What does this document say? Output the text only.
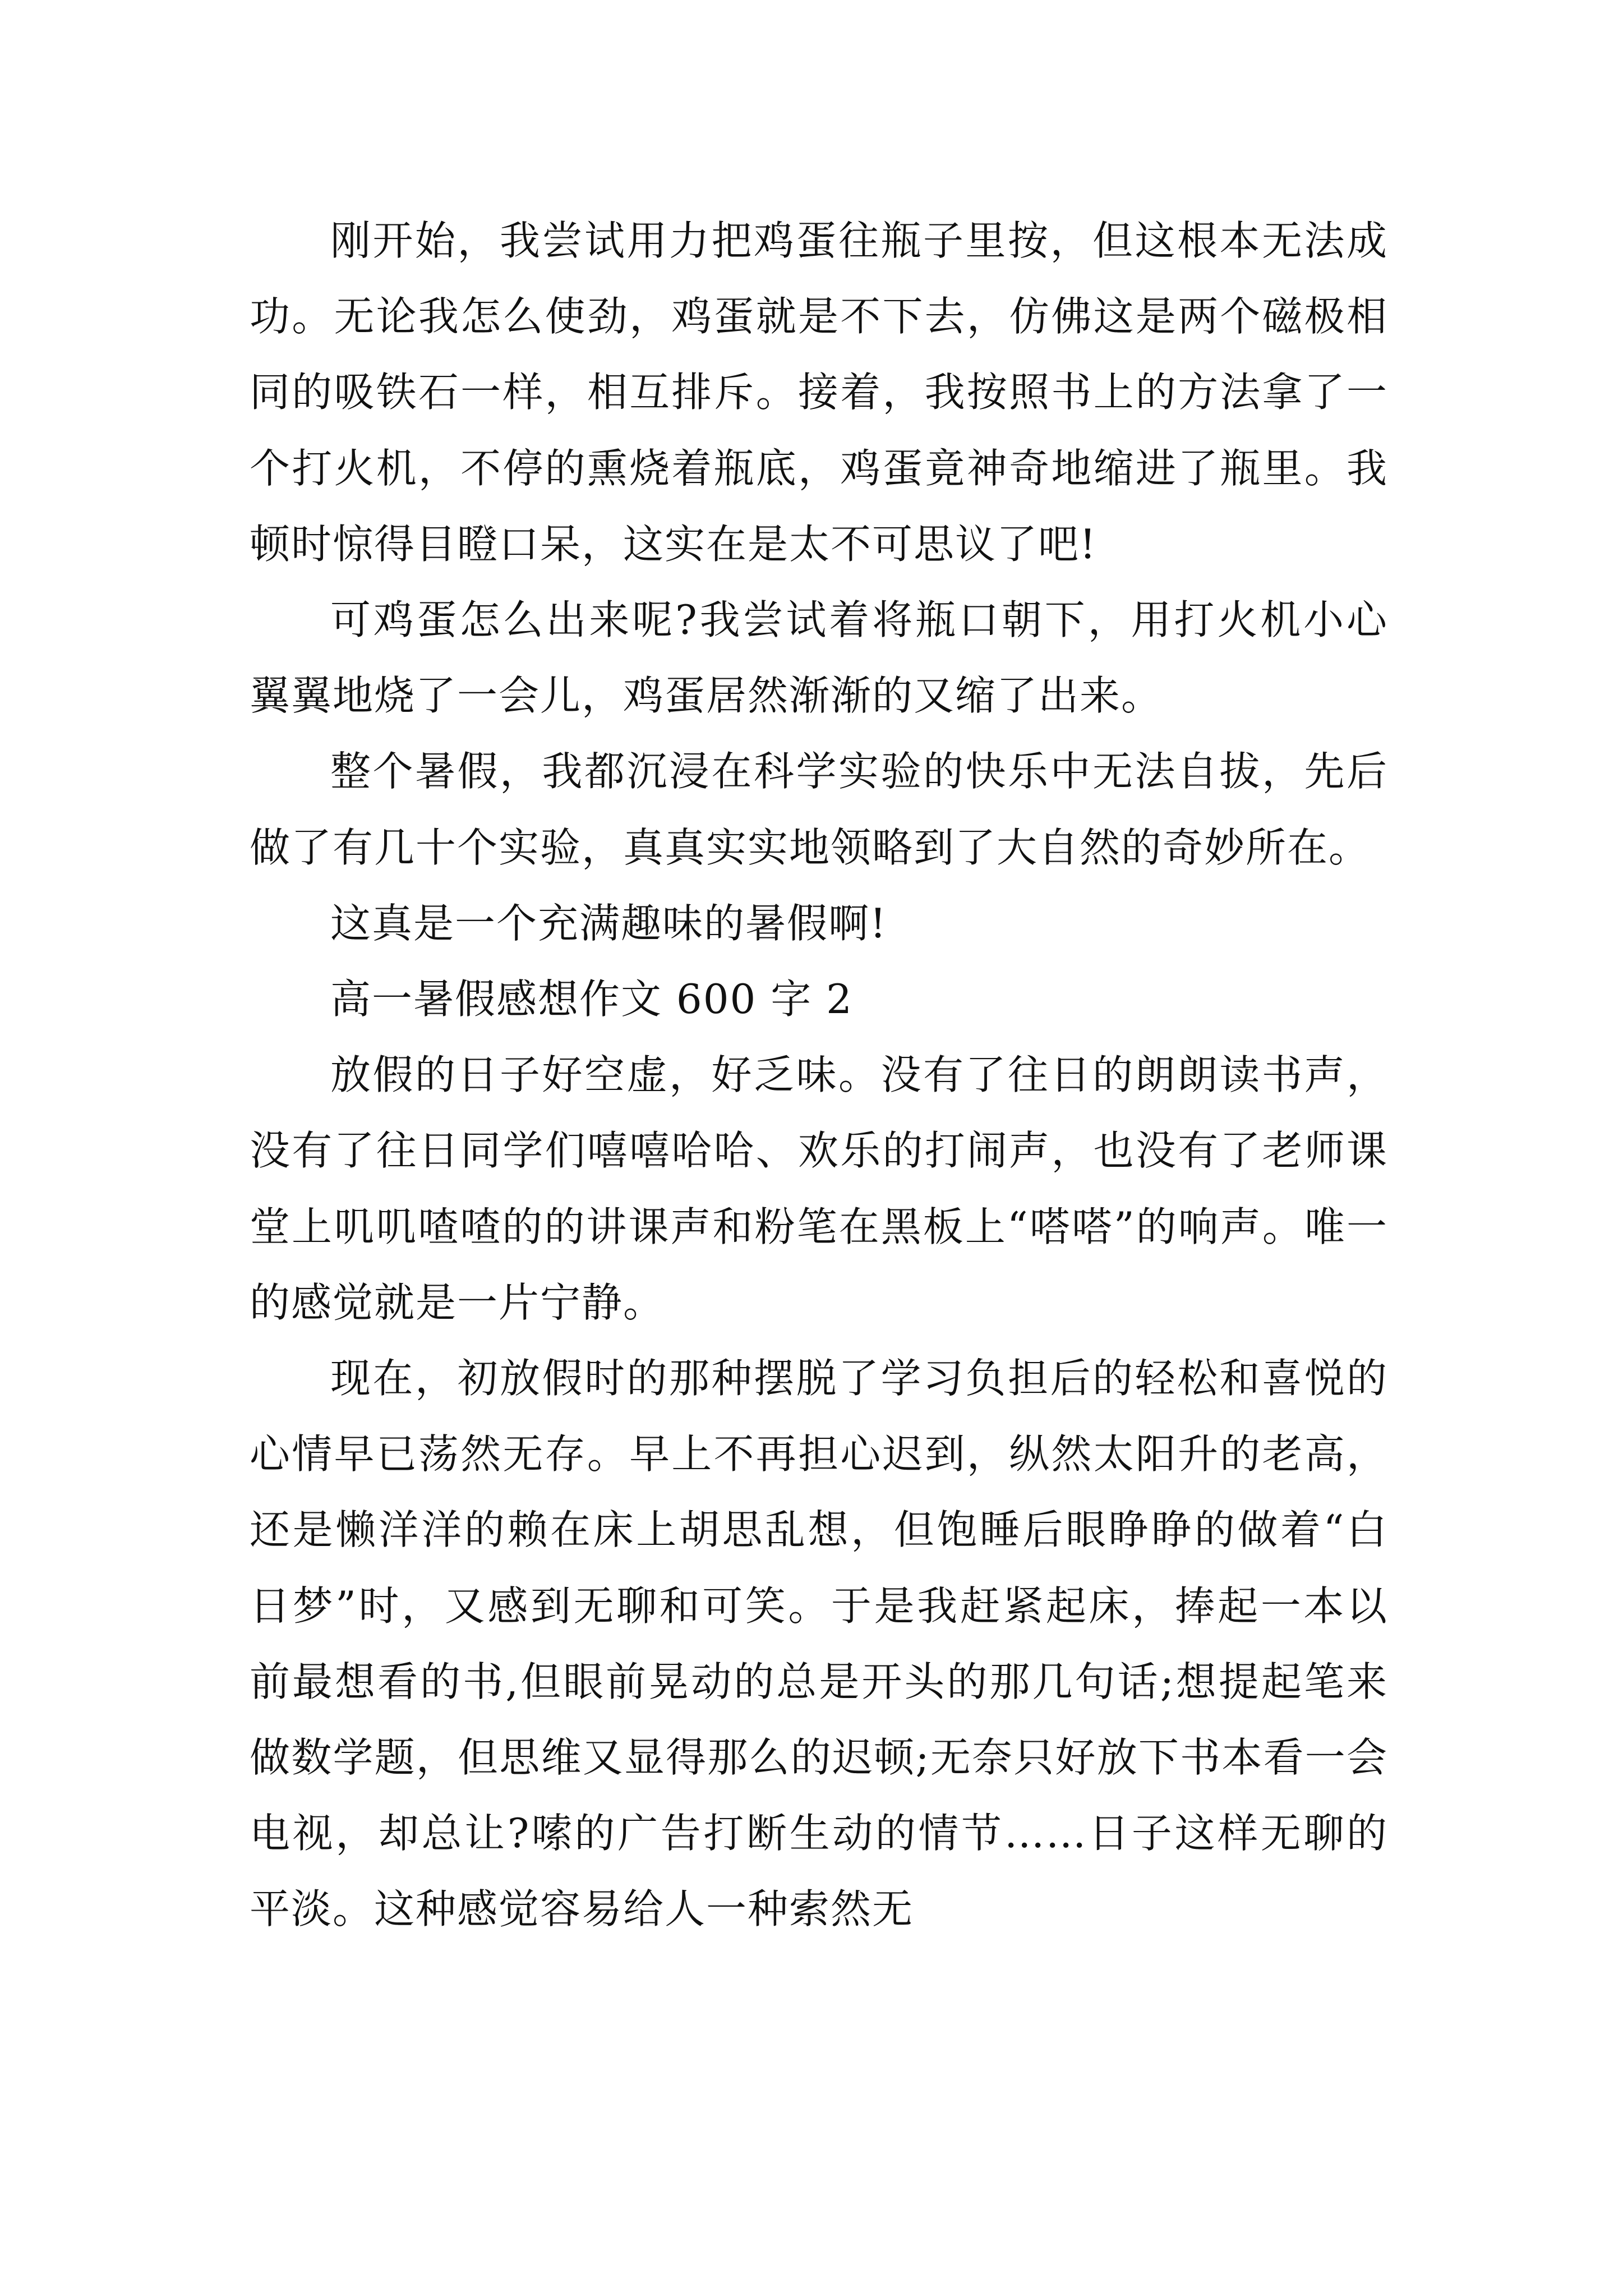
刚开始，我尝试用力把鸡蛋往瓶子里按，但这根本无法成功。无论我怎么使劲，鸡蛋就是不下去，仿佛这是两个磁极相同的吸铁石一样，相互排斥。接着，我按照书上的方法拿了一个打火机，不停的熏烧着瓶底，鸡蛋竟神奇地缩进了瓶里。我顿时惊得目瞪口呆，这实在是太不可思议了吧!

可鸡蛋怎么出来呢?我尝试着将瓶口朝下，用打火机小心翼翼地烧了一会儿，鸡蛋居然渐渐的又缩了出来。

整个暑假，我都沉浸在科学实验的快乐中无法自拔，先后做了有几十个实验，真真实实地领略到了大自然的奇妙所在。

这真是一个充满趣味的暑假啊!

高一暑假感想作文 600 字 2

放假的日子好空虚，好乏味。没有了往日的朗朗读书声，没有了往日同学们嘻嘻哈哈、欢乐的打闹声，也没有了老师课堂上叽叽喳喳的的讲课声和粉笔在黑板上“嗒嗒”的响声。唯一的感觉就是一片宁静。

现在，初放假时的那种摆脱了学习负担后的轻松和喜悦的心情早已荡然无存。早上不再担心迟到，纵然太阳升的老高，还是懒洋洋的赖在床上胡思乱想，但饱睡后眼睁睁的做着“白日梦”时，又感到无聊和可笑。于是我赶紧起床，捧起一本以前最想看的书,但眼前晃动的总是开头的那几句话;想提起笔来做数学题，但思维又显得那么的迟顿;无奈只好放下书本看一会电视，却总让?嗦的广告打断生动的情节……日子这样无聊的平淡。这种感觉容易给人一种索然无
